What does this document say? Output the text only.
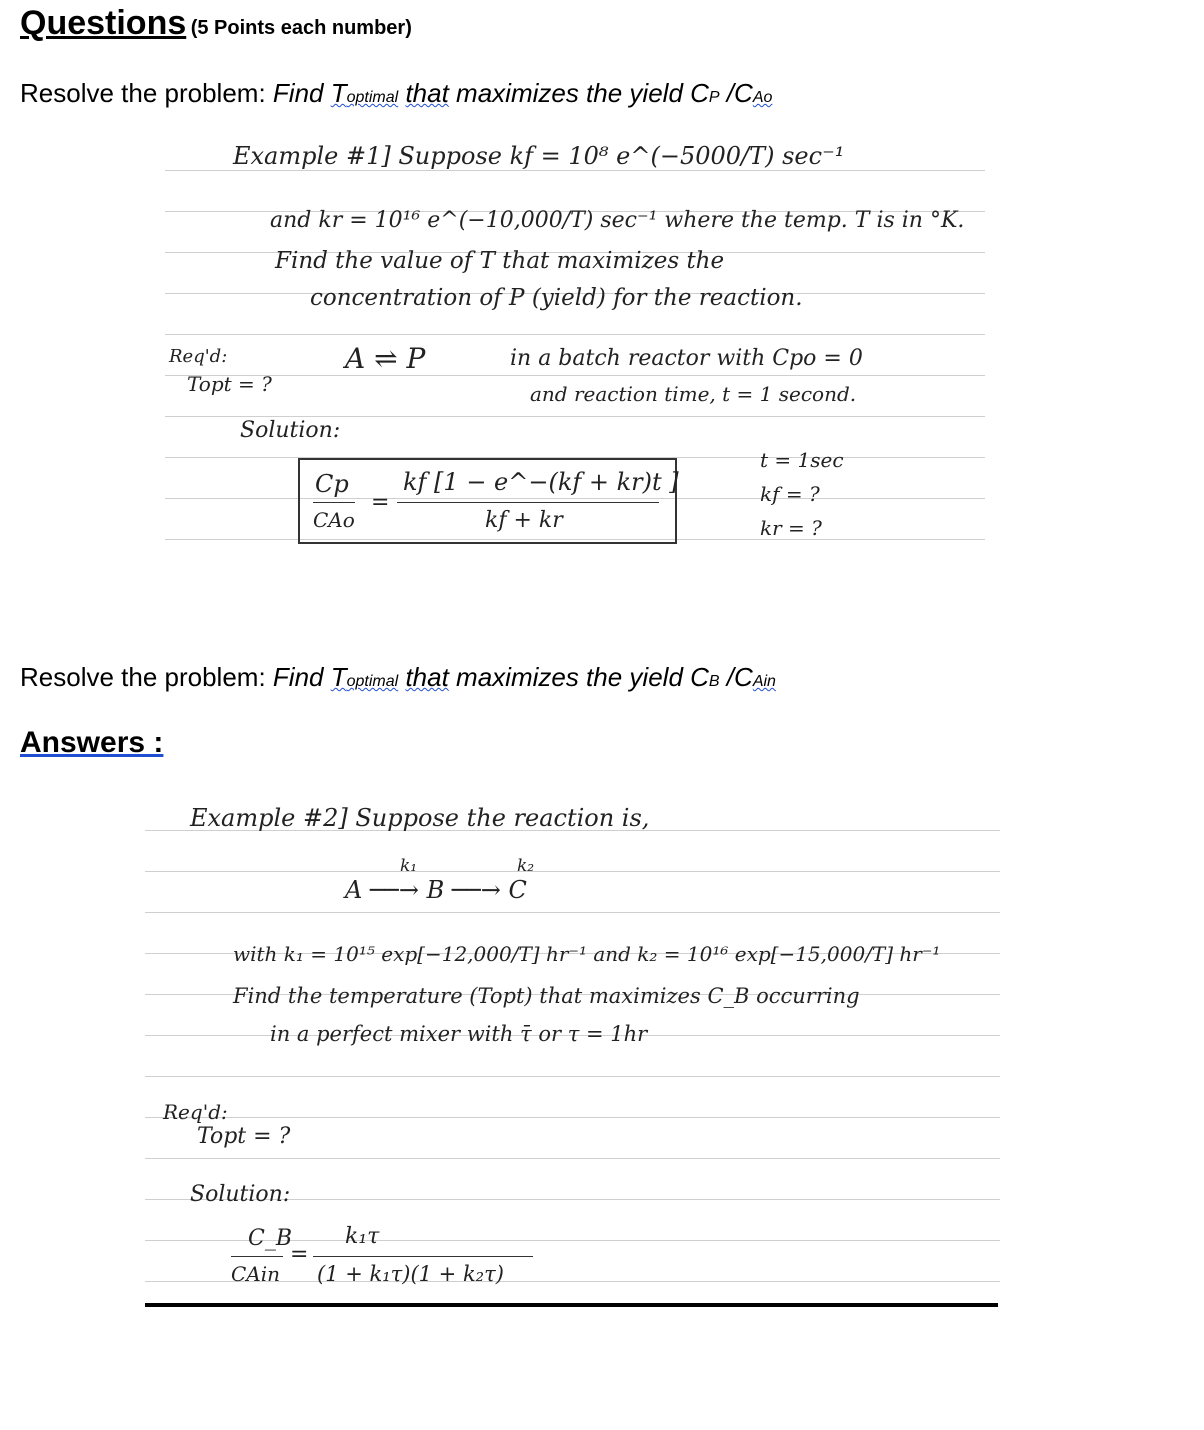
Questions (5 Points each number)
Resolve the problem: Find Toptimal that maximizes the yield CP /CAo
Example #1] Suppose kf = 10⁸ e^(−5000/T) sec⁻¹
and kr = 10¹⁶ e^(−10,000/T) sec⁻¹ where the temp. T is in °K.
Find the value of T that maximizes the
concentration of P (yield) for the reaction.
Req'd:
Topt = ?
A ⇌ P	in a batch reactor with Cpo = 0
and reaction time, t = 1 second.
Solution:
Cp
CAo
=
kf [1 − e^−(kf + kr)t ]
kf + kr
t = 1sec
kf = ?
kr = ?
Resolve the problem: Find Toptimal that maximizes the yield CB /CAin
Answers :
Example #2] Suppose the reaction is,
k₁	k₂
A ──→ B ──→ C
with k₁ = 10¹⁵ exp[−12,000/T] hr⁻¹ and k₂ = 10¹⁶ exp[−15,000/T] hr⁻¹
Find the temperature (Topt) that maximizes C_B occurring
in a perfect mixer with τ̄ or τ = 1hr
Req'd:
Topt = ?
Solution:
C_B
CAin
=
k₁τ
(1 + k₁τ)(1 + k₂τ)
